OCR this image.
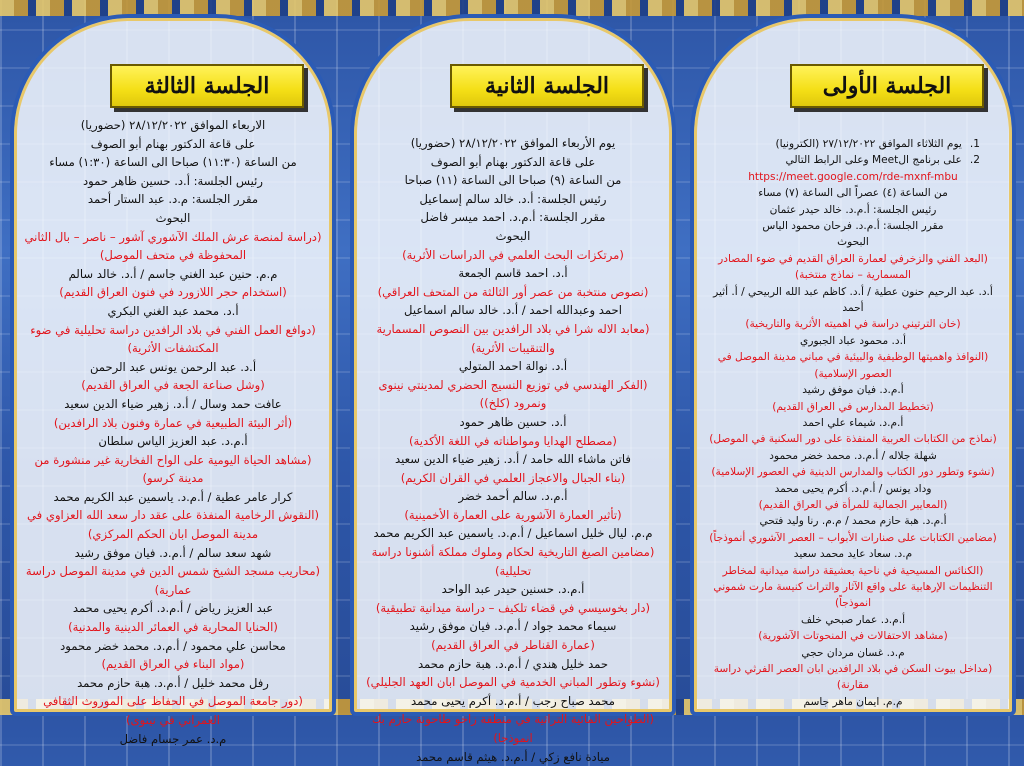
الجلسة الأولى
1.يوم الثلاثاء الموافق ٢٧/١٢/٢٠٢٢ (الكترونيا)
2.على برنامج الMeet وعلى الرابط التالي
https://meet.google.com/rde-mxnf-mbu
من الساعة (٤) عصراً الى الساعة (٧) مساء
رئيس الجلسة: أ.م.د. خالد حيدر عثمان
مقرر الجلسة: أ.م.د. فرحان محمود الياس
البحوث
(البعد الفني والزخرفي لعمارة العراق القديم في ضوء المصادر المسمارية – نماذج منتخبة)
أ.د. عبد الرحيم حنون عطية / أ.د. كاظم عبد الله الربيحي / أ. أثير أحمد
(خان الترتيني دراسة في اهميته الأثرية والتاريخية)
أ.د. محمود عباد الجبوري
(النوافذ واهميتها الوظيفية والبيئية في مباني مدينة الموصل في العصور الإسلامية)
أ.م.د. فيان موفق رشيد
(تخطيط المدارس في العراق القديم)
أ.م.د. شيماء علي احمد
(نماذج من الكتابات العربية المنفذة على دور السكنية في الموصل)
شهلة جلاله / أ.م.د. محمد خضر محمود
(نشوء وتطور دور الكتاب والمدارس الدينية في العصور الإسلامية)
وداد يونس / أ.م.د. أكرم يحيى محمد
(المعايير الجمالية للمرأة في العراق القديم)
أ.م.د. هبة حازم محمد / م.م. رنا وليد فتحي
(مضامين الكتابات على صنارات الأبواب – العصر الآشوري أنموذجاً)
م.د. سعاد عايد محمد سعيد
(الكنائس المسيحية في ناحية بعشيقة دراسة ميدانية لمخاطر التنظيمات الإرهابية على واقع الآثار والتراث كنيسة مارت شموني انموذجاً)
أ.م.د. عمار صبحي خلف
(مشاهد الاحتفالات في المنحوتات الآشورية)
م.د. غسان مردان حجي
(مداخل بيوت السكن في بلاد الرافدين ابان العصر الفرثي دراسة مقارنة)
م.م. ايمان ماهر جاسم
الجلسة الثانية
يوم الأربعاء الموافق ٢٨/١٢/٢٠٢٢ (حضوريا)
على قاعة الدكتور بهنام أبو الصوف
من الساعة (٩) صباحا الى الساعة (١١) صباحا
رئيس الجلسة: أ.د. خالد سالم إسماعيل
مقرر الجلسة: أ.م.د. احمد ميسر فاضل
البحوث
(مرتكزات البحث العلمي في الدراسات الأثرية)
أ.د. احمد قاسم الجمعة
(نصوص منتخبة من عصر أور الثالثة من المتحف العراقي)
احمد وعبدالله احمد / أ.د. خالد سالم اسماعيل
(معابد الاله شرا في بلاد الرافدين بين النصوص المسمارية والتنقيبات الأثرية)
أ.د. نوالة احمد المتولي
(الفكر الهندسي في توزيع النسيج الحضري لمدينتي نينوى ونمرود (كلخ))
أ.د. حسين ظاهر حمود
(مصطلح الهدايا ومواطناته في اللغة الأكدية)
فاتن ماشاء الله حامد / أ.د. زهير ضياء الدين سعيد
(بناء الجبال والاعجاز العلمي في القران الكريم)
أ.م.د. سالم أحمد خضر
(تأثير العمارة الآشورية على العمارة الأخمينية)
م.م. ليال خليل اسماعيل / أ.م.د. ياسمين عبد الكريم محمد
(مضامين الصيغ التاريخية لحكام وملوك مملكة أشنونا دراسة تحليلية)
أ.م.د. حسنين حيدر عبد الواحد
(دار بخوسيسي في قضاء تلكيف – دراسة ميدانية تطبيقية)
سيماء محمد جواد / أ.م.د. فيان موفق رشيد
(عمارة القناطر في العراق القديم)
حمد خليل هندي / أ.م.د. هبة حازم محمد
(نشوء وتطور المباني الخدمية في الموصل ابان العهد الجليلي)
محمد صباح رجب / أ.م.د. أكرم يحيى محمد
(الطواحين المائية التراثية في منطقة زاخو طاحونة حازم بك انموذجا)
ميادة نافع زكي / أ.م.د. هيثم قاسم محمد
الجلسة الثالثة
الاربعاء الموافق ٢٨/١٢/٢٠٢٢ (حضوريا)
على قاعة الدكتور بهنام أبو الصوف
من الساعة (١١:٣٠) صباحا الى الساعة (١:٣٠) مساء
رئيس الجلسة: أ.د. حسين ظاهر حمود
مقرر الجلسة: م.د. عبد الستار أحمد
البحوث
(دراسة لمنصة عرش الملك الآشوري آشور – ناصر – بال الثاني المحفوظة في متحف الموصل)
م.م. حنين عبد الغني جاسم / أ.د. خالد سالم
(استخدام حجر اللازورد في فنون العراق القديم)
أ.د. محمد عبد الغني البكري
(دوافع العمل الفني في بلاد الرافدين دراسة تحليلية في ضوء المكتشفات الأثرية)
أ.د. عبد الرحمن يونس عبد الرحمن
(وشل صناعة الجعة في العراق القديم)
عافت حمد وسال / أ.د. زهير ضياء الدين سعيد
(أثر البيئة الطبيعية في عمارة وفنون بلاد الرافدين)
أ.م.د. عبد العزيز الياس سلطان
(مشاهد الحياة اليومية على الواح الفخارية غير منشورة من مدينة كرسو)
كرار عامر عطية / أ.م.د. ياسمين عبد الكريم محمد
(النقوش الرخامية المنفذة على عقد دار سعد الله العزاوي في مدينة الموصل ابان الحكم المركزي)
شهد سعد سالم / أ.م.د. فيان موفق رشيد
(محاريب مسجد الشيخ شمس الدين في مدينة الموصل دراسة عمارية)
عبد العزيز رياض / أ.م.د. أكرم يحيى محمد
(الحنايا المحارية في العمائر الدينية والمدنية)
محاسن علي محمود / أ.م.د. محمد خضر محمود
(مواد البناء في العراق القديم)
رفل محمد خليل / أ.م.د. هبة حازم محمد
(دور جامعة الموصل في الحفاظ على الموروث الثقافي العمراني في نينوى)
م.د. عمر جسام فاضل
